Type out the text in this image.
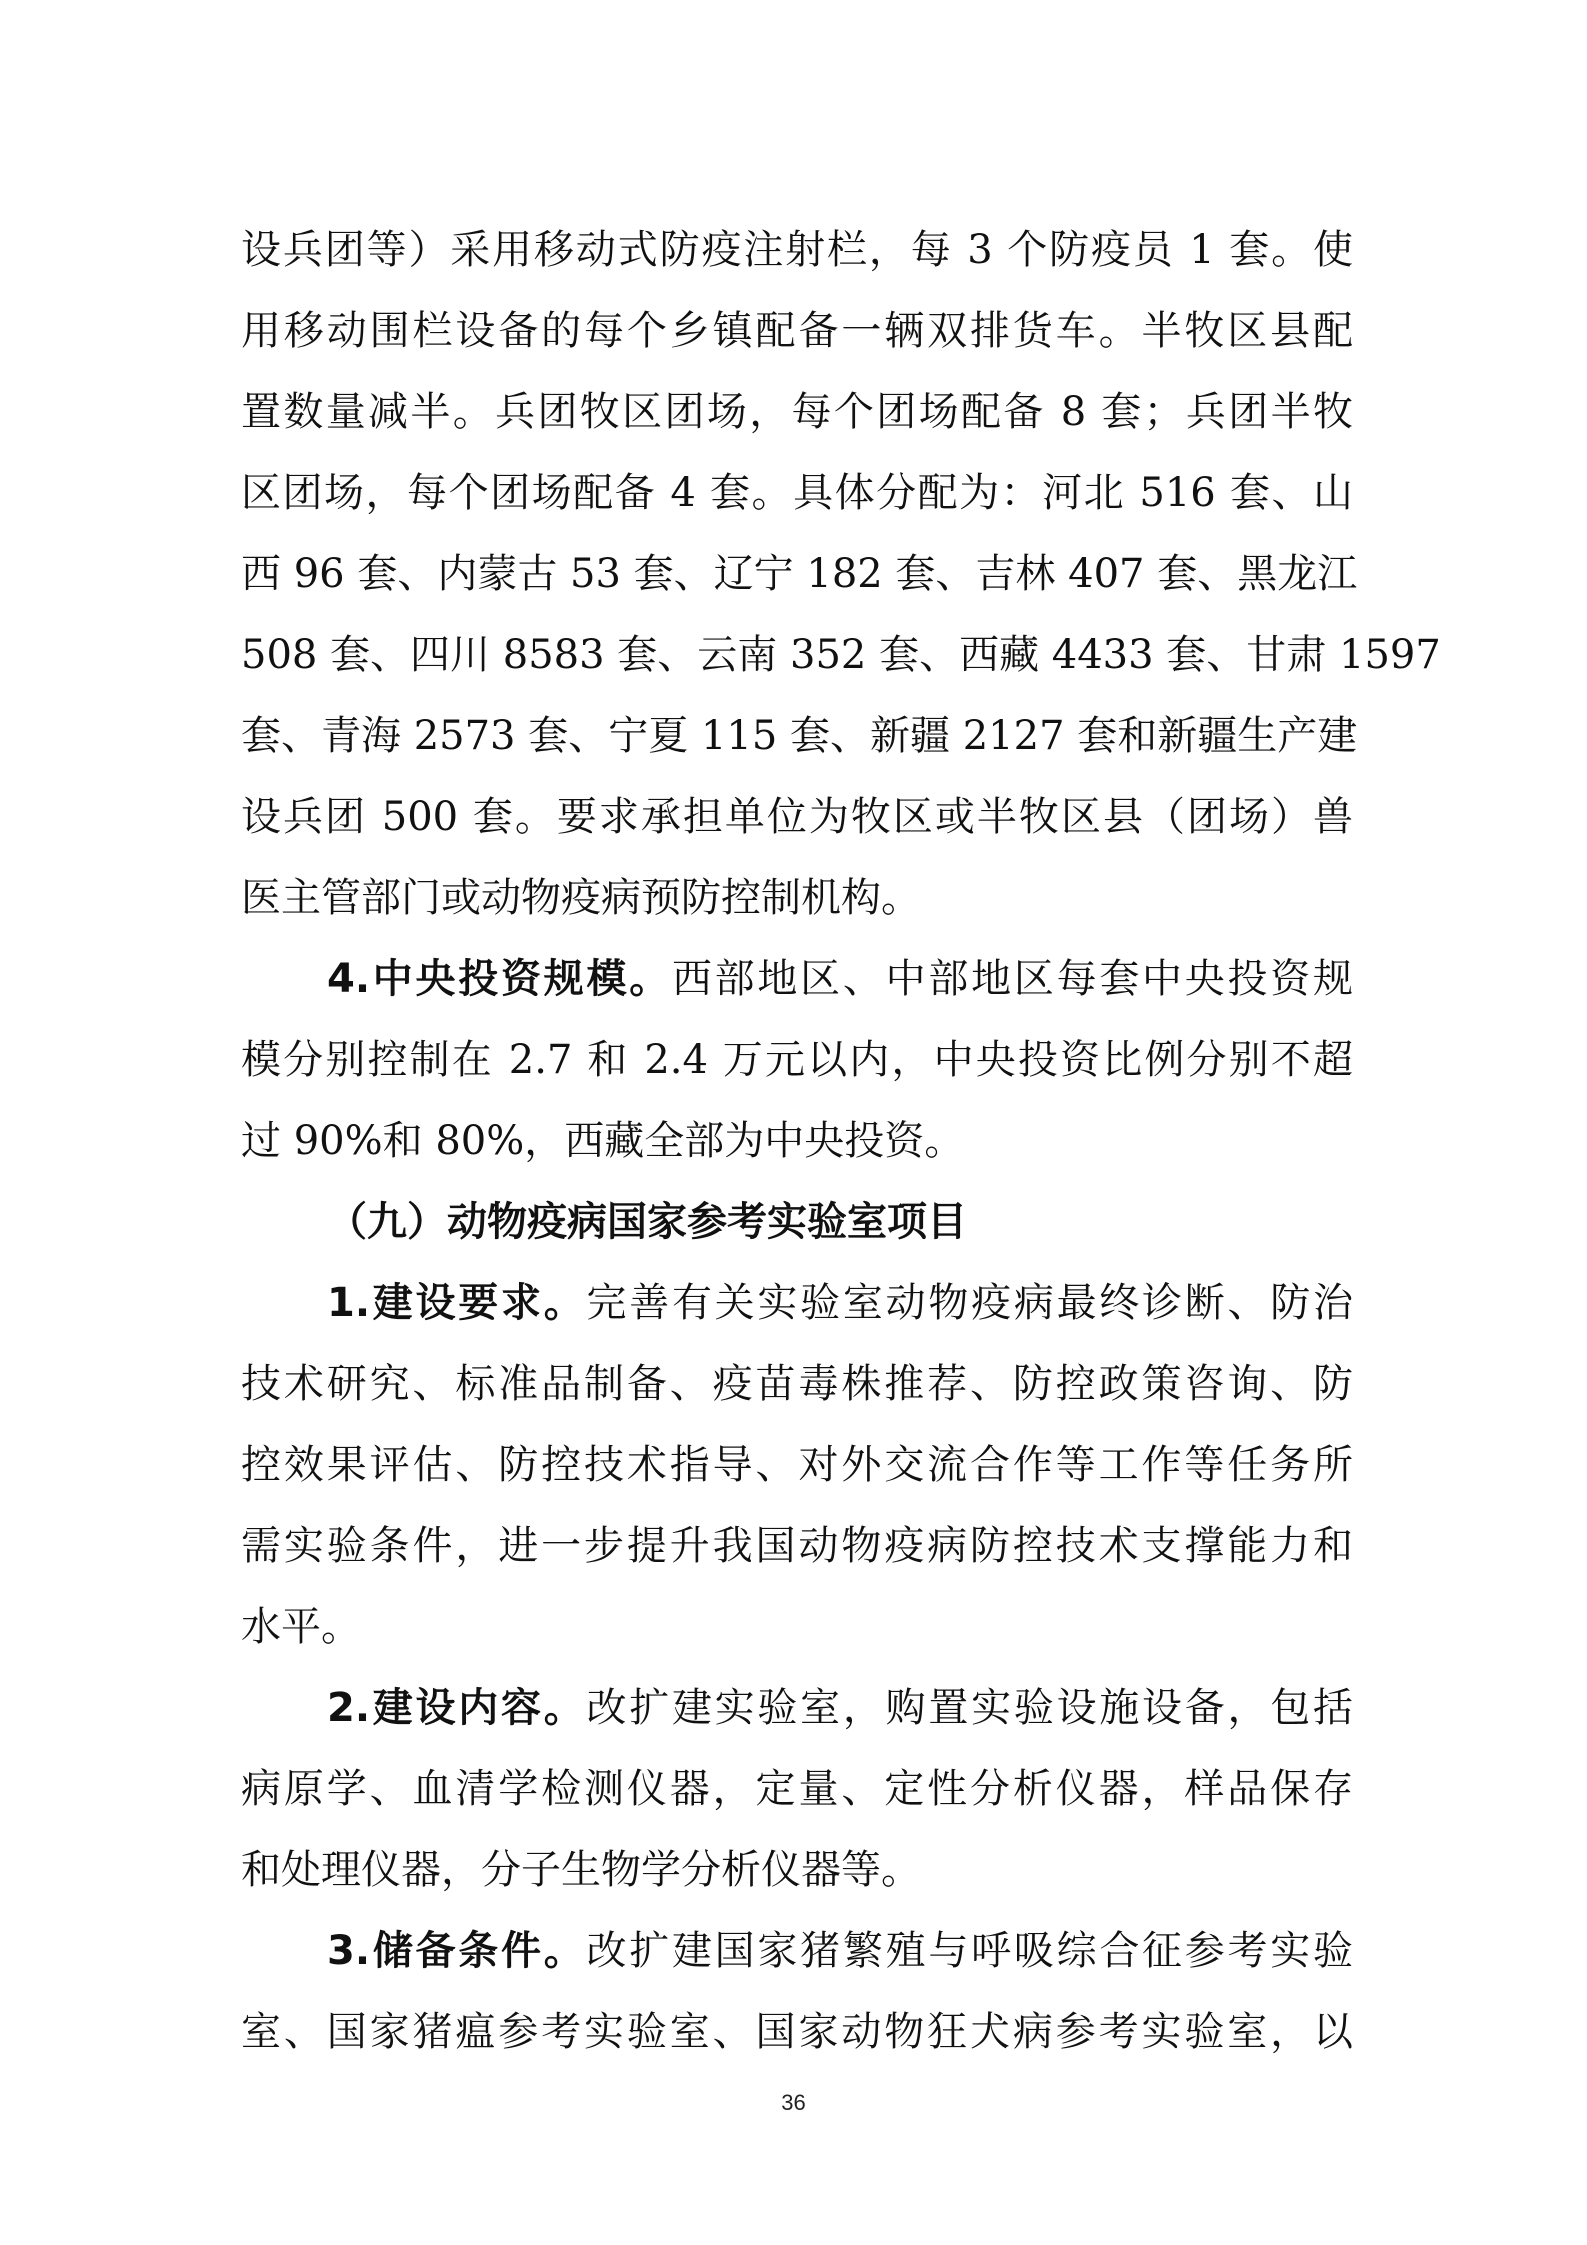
设兵团等）采用移动式防疫注射栏，每 3 个防疫员 1 套。使
用移动围栏设备的每个乡镇配备一辆双排货车。半牧区县配
置数量减半。兵团牧区团场，每个团场配备 8 套；兵团半牧
区团场，每个团场配备 4 套。具体分配为：河北 516 套、山
西 96 套、内蒙古 53 套、辽宁 182 套、吉林 407 套、黑龙江
508 套、四川 8583 套、云南 352 套、西藏 4433 套、甘肃 1597
套、青海 2573 套、宁夏 115 套、新疆 2127 套和新疆生产建
设兵团 500 套。要求承担单位为牧区或半牧区县（团场）兽
医主管部门或动物疫病预防控制机构。
4.中央投资规模。西部地区、中部地区每套中央投资规
模分别控制在 2.7 和 2.4 万元以内，中央投资比例分别不超
过 90%和 80%，西藏全部为中央投资。
（九）动物疫病国家参考实验室项目
1.建设要求。完善有关实验室动物疫病最终诊断、防治
技术研究、标准品制备、疫苗毒株推荐、防控政策咨询、防
控效果评估、防控技术指导、对外交流合作等工作等任务所
需实验条件，进一步提升我国动物疫病防控技术支撑能力和
水平。
2.建设内容。改扩建实验室，购置实验设施设备，包括
病原学、血清学检测仪器，定量、定性分析仪器，样品保存
和处理仪器，分子生物学分析仪器等。
3.储备条件。改扩建国家猪繁殖与呼吸综合征参考实验
室、国家猪瘟参考实验室、国家动物狂犬病参考实验室，以
36
